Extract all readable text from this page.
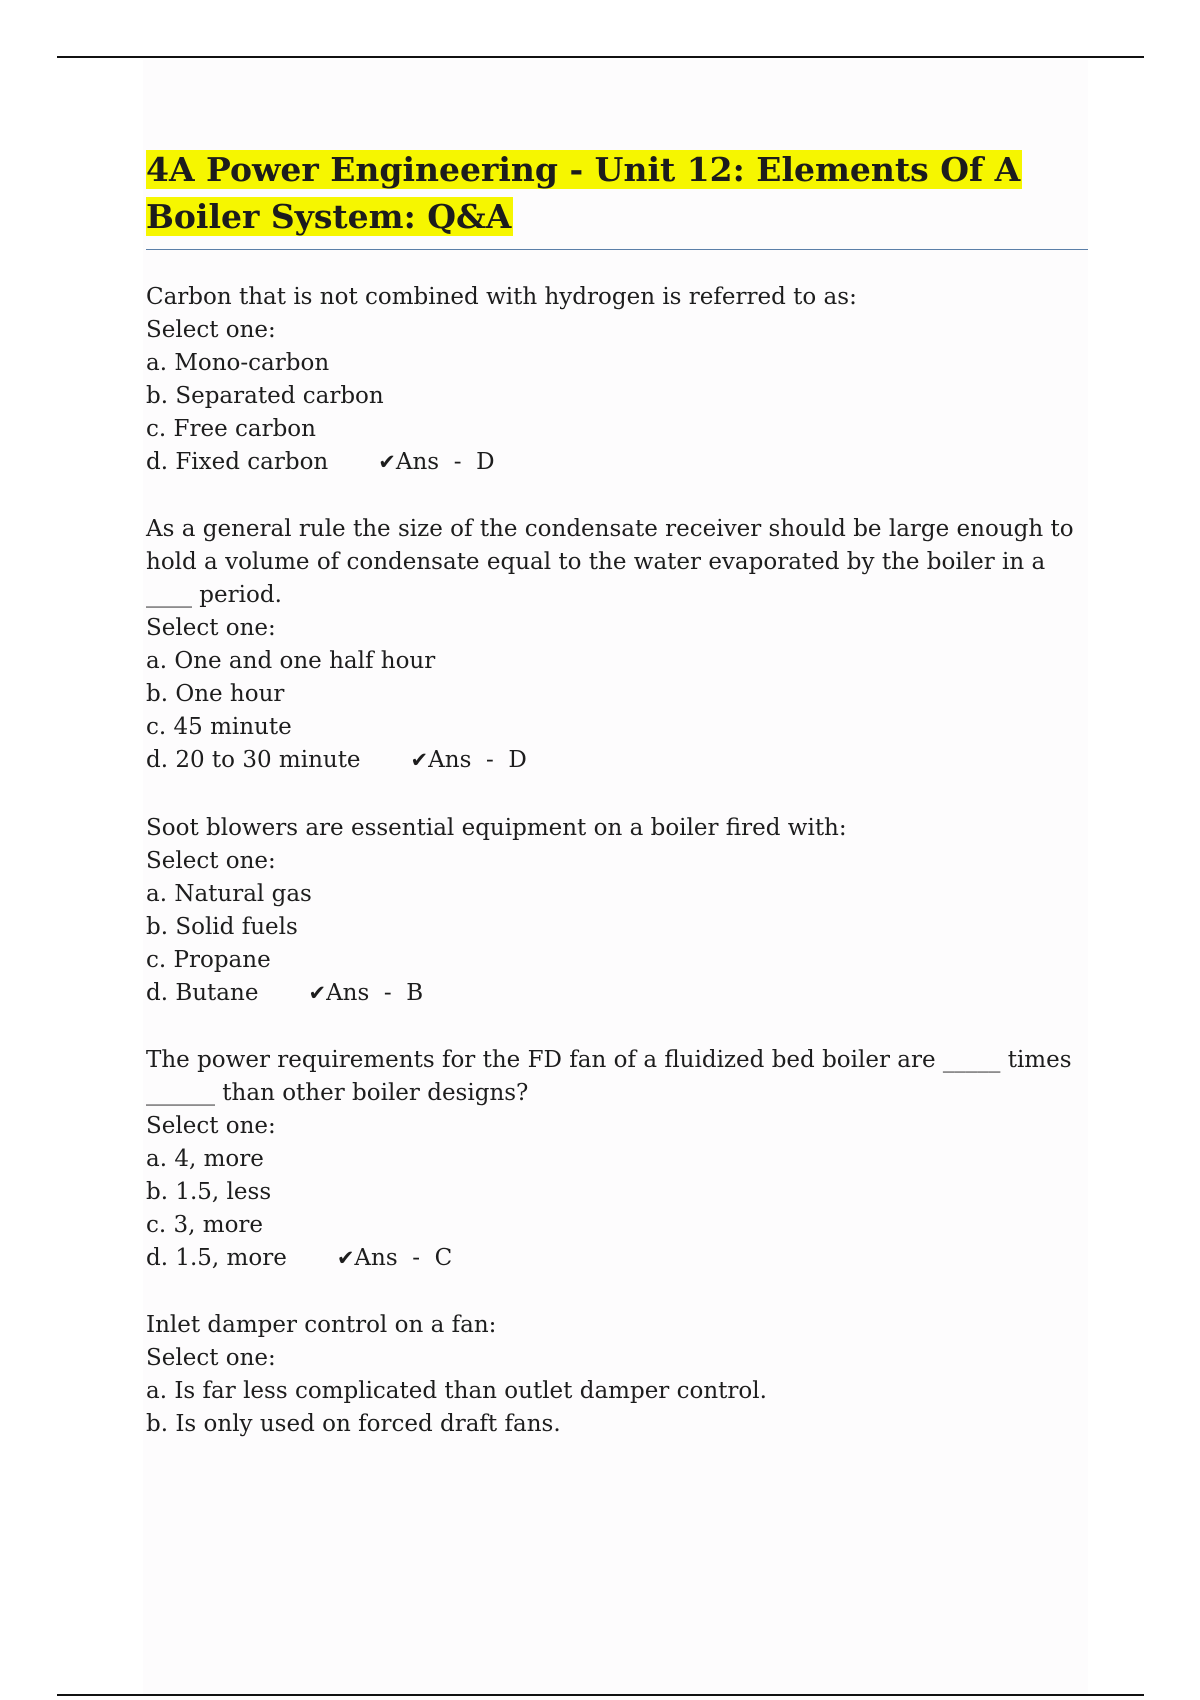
4A Power Engineering - Unit 12: Elements Of A Boiler System: Q&A
Carbon that is not combined with hydrogen is referred to as:
Select one:
a. Mono-carbon
b. Separated carbon
c. Free carbon
d. Fixed carbon ✔Ans  -  D
As a general rule the size of the condensate receiver should be large enough to hold a volume of condensate equal to the water evaporated by the boiler in a ____ period.
Select one:
a. One and one half hour
b. One hour
c. 45 minute
d. 20 to 30 minute ✔Ans  -  D
Soot blowers are essential equipment on a boiler fired with:
Select one:
a. Natural gas
b. Solid fuels
c. Propane
d. Butane ✔Ans  -  B
The power requirements for the FD fan of a fluidized bed boiler are _____ times ______ than other boiler designs?
Select one:
a. 4, more
b. 1.5, less
c. 3, more
d. 1.5, more ✔Ans  -  C
Inlet damper control on a fan:
Select one:
a. Is far less complicated than outlet damper control.
b. Is only used on forced draft fans.
